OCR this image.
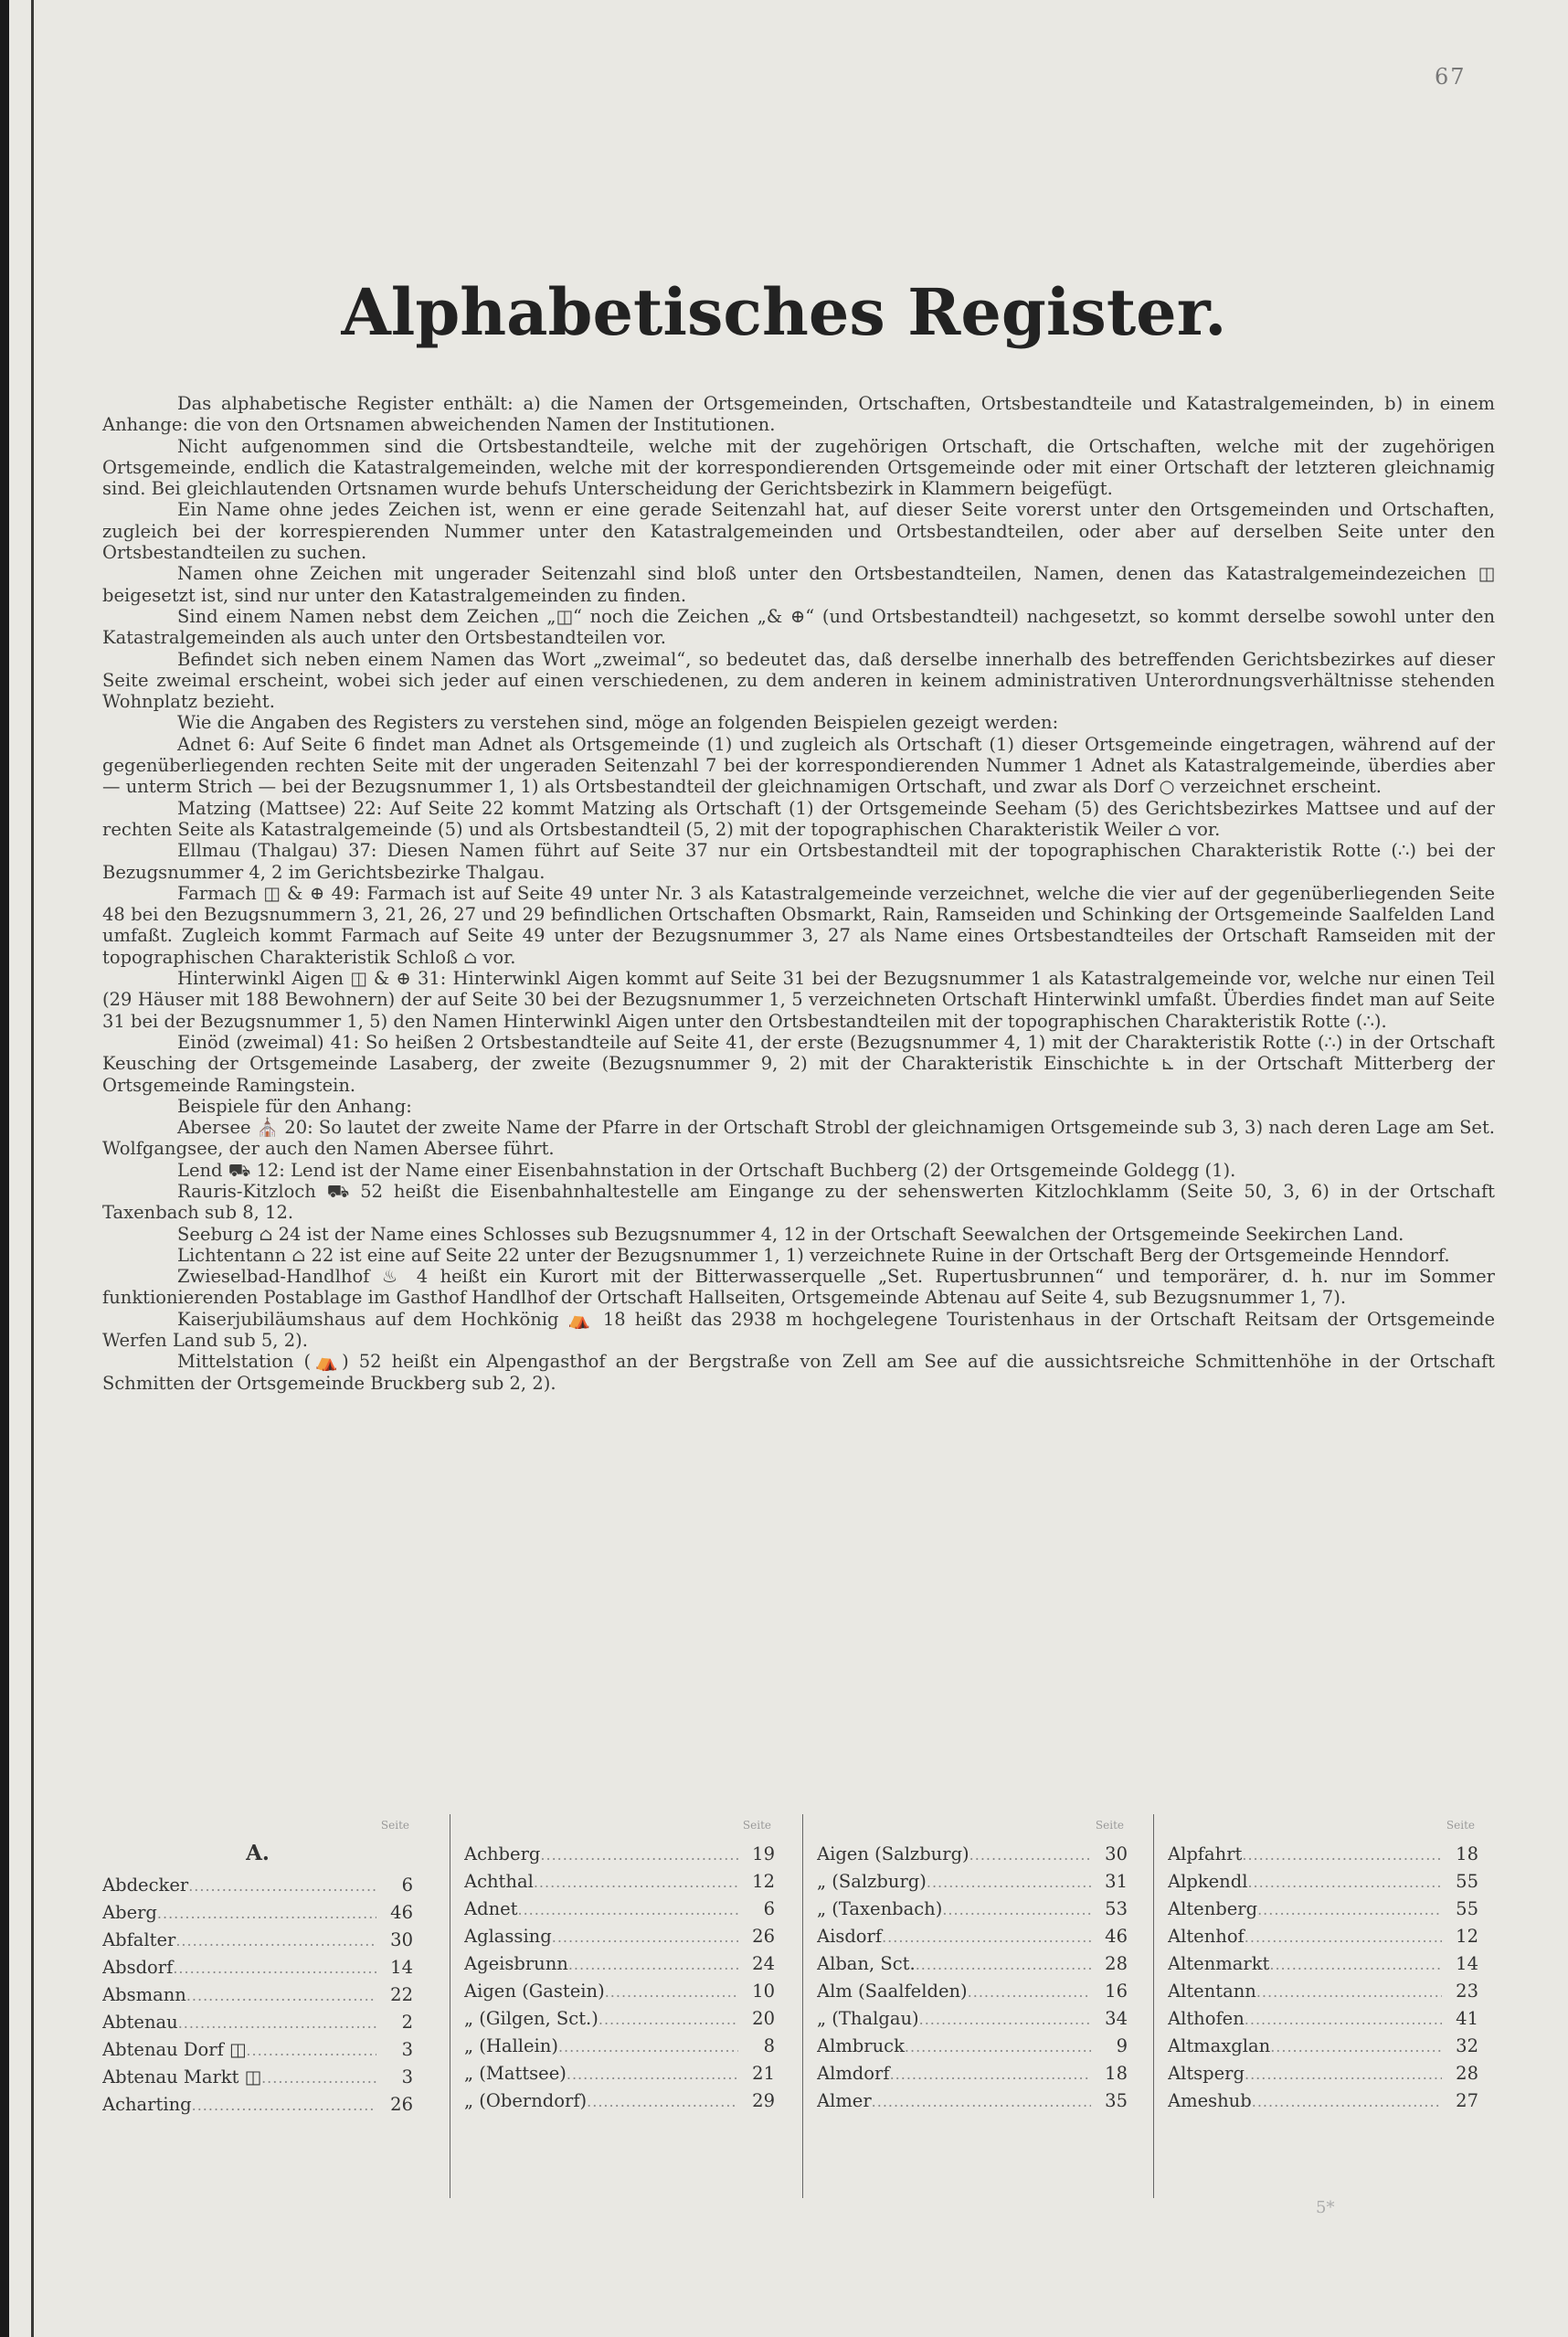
67
Alphabetisches Register.

Das alphabetische Register enthält: a) die Namen der Ortsgemeinden, Ortschaften, Ortsbestandteile und Katastralgemeinden, b) in einem Anhange: die von den Ortsnamen abweichenden Namen der Institutionen.

Nicht aufgenommen sind die Ortsbestandteile, welche mit der zugehörigen Ortschaft, die Ortschaften, welche mit der zugehörigen Ortsgemeinde, endlich die Katastralgemeinden, welche mit der korrespondierenden Ortsgemeinde oder mit einer Ortschaft der letzteren gleichnamig sind. Bei gleichlautenden Ortsnamen wurde behufs Unterscheidung der Gerichtsbezirk in Klammern beigefügt.

Ein Name ohne jedes Zeichen ist, wenn er eine gerade Seitenzahl hat, auf dieser Seite vorerst unter den Ortsgemeinden und Ortschaften, zugleich bei der korrespierenden Nummer unter den Katastralgemeinden und Ortsbestandteilen, oder aber auf derselben Seite unter den Ortsbestandteilen zu suchen.

Namen ohne Zeichen mit ungerader Seitenzahl sind bloß unter den Ortsbestandteilen, Namen, denen das Katastralgemeindezeichen ◫ beigesetzt ist, sind nur unter den Katastralgemeinden zu finden.

Sind einem Namen nebst dem Zeichen „◫“ noch die Zeichen „& ⊕“ (und Ortsbestandteil) nachgesetzt, so kommt derselbe sowohl unter den Katastralgemeinden als auch unter den Ortsbestandteilen vor.

Befindet sich neben einem Namen das Wort „zweimal“, so bedeutet das, daß derselbe innerhalb des betreffenden Gerichtsbezirkes auf dieser Seite zweimal erscheint, wobei sich jeder auf einen verschiedenen, zu dem anderen in keinem administrativen Unterordnungsverhältnisse stehenden Wohnplatz bezieht.

Wie die Angaben des Registers zu verstehen sind, möge an folgenden Beispielen gezeigt werden:

Adnet 6: Auf Seite 6 findet man Adnet als Ortsgemeinde (1) und zugleich als Ortschaft (1) dieser Ortsgemeinde eingetragen, während auf der gegenüberliegenden rechten Seite mit der ungeraden Seitenzahl 7 bei der korrespondierenden Nummer 1 Adnet als Katastralgemeinde, überdies aber — unterm Strich — bei der Bezugsnummer 1, 1) als Ortsbestandteil der gleichnamigen Ortschaft, und zwar als Dorf ○ verzeichnet erscheint.

Matzing (Mattsee) 22: Auf Seite 22 kommt Matzing als Ortschaft (1) der Ortsgemeinde Seeham (5) des Gerichtsbezirkes Mattsee und auf der rechten Seite als Katastralgemeinde (5) und als Ortsbestandteil (5, 2) mit der topographischen Charakteristik Weiler ⌂ vor.

Ellmau (Thalgau) 37: Diesen Namen führt auf Seite 37 nur ein Ortsbestandteil mit der topographischen Charakteristik Rotte (∴) bei der Bezugsnummer 4, 2 im Gerichtsbezirke Thalgau.

Farmach ◫ & ⊕ 49: Farmach ist auf Seite 49 unter Nr. 3 als Katastralgemeinde verzeichnet, welche die vier auf der gegenüberliegenden Seite 48 bei den Bezugsnummern 3, 21, 26, 27 und 29 befindlichen Ortschaften Obsmarkt, Rain, Ramseiden und Schinking der Ortsgemeinde Saalfelden Land umfaßt. Zugleich kommt Farmach auf Seite 49 unter der Bezugsnummer 3, 27 als Name eines Ortsbestandteiles der Ortschaft Ramseiden mit der topographischen Charakteristik Schloß ⌂ vor.

Hinterwinkl Aigen ◫ & ⊕ 31: Hinterwinkl Aigen kommt auf Seite 31 bei der Bezugsnummer 1 als Katastralgemeinde vor, welche nur einen Teil (29 Häuser mit 188 Bewohnern) der auf Seite 30 bei der Bezugsnummer 1, 5 verzeichneten Ortschaft Hinterwinkl umfaßt. Überdies findet man auf Seite 31 bei der Bezugsnummer 1, 5) den Namen Hinterwinkl Aigen unter den Ortsbestandteilen mit der topographischen Charakteristik Rotte (∴).

Einöd (zweimal) 41: So heißen 2 Ortsbestandteile auf Seite 41, der erste (Bezugsnummer 4, 1) mit der Charakteristik Rotte (∴) in der Ortschaft Keusching der Ortsgemeinde Lasaberg, der zweite (Bezugsnummer 9, 2) mit der Charakteristik Einschichte ⊾ in der Ortschaft Mitterberg der Ortsgemeinde Ramingstein.

Beispiele für den Anhang:

Abersee ⛪ 20: So lautet der zweite Name der Pfarre in der Ortschaft Strobl der gleichnamigen Ortsgemeinde sub 3, 3) nach deren Lage am Set. Wolfgangsee, der auch den Namen Abersee führt.

Lend ⛟ 12: Lend ist der Name einer Eisenbahnstation in der Ortschaft Buchberg (2) der Ortsgemeinde Goldegg (1).

Rauris-Kitzloch ⛟ 52 heißt die Eisenbahnhaltestelle am Eingange zu der sehenswerten Kitzlochklamm (Seite 50, 3, 6) in der Ortschaft Taxenbach sub 8, 12.

Seeburg ⌂ 24 ist der Name eines Schlosses sub Bezugsnummer 4, 12 in der Ortschaft Seewalchen der Ortsgemeinde Seekirchen Land.

Lichtentann ⌂ 22 ist eine auf Seite 22 unter der Bezugsnummer 1, 1) verzeichnete Ruine in der Ortschaft Berg der Ortsgemeinde Henndorf.

Zwieselbad-Handlhof ♨ 4 heißt ein Kurort mit der Bitterwasserquelle „Set. Rupertusbrunnen“ und temporärer, d. h. nur im Sommer funktionierenden Postablage im Gasthof Handlhof der Ortschaft Hallseiten, Ortsgemeinde Abtenau auf Seite 4, sub Bezugsnummer 1, 7).

Kaiserjubiläumshaus auf dem Hochkönig ⛺ 18 heißt das 2938 m hochgelegene Touristenhaus in der Ortschaft Reitsam der Ortsgemeinde Werfen Land sub 5, 2).

Mittelstation (⛺) 52 heißt ein Alpengasthof an der Bergstraße von Zell am See auf die aussichtsreiche Schmittenhöhe in der Ortschaft Schmitten der Ortsgemeinde Bruckberg sub 2, 2).

Seite
A.
Abdecker .....	6
Aberg .....	46
Abfalter .....	30
Absdorf .....	14
Absmann .....	22
Abtenau .....	2
Abtenau Dorf ◫ .....	3
Abtenau Markt ◫ .....	3
Acharting .....	26
Seite
Achberg .....	19
Achthal .....	12
Adnet .....	6
Aglassing .....	26
Ageisbrunn .....	24
Aigen (Gastein) .....	10
„ (Gilgen, Sct.) .....	20
„ (Hallein) .....	8
„ (Mattsee) .....	21
„ (Oberndorf) .....	29
Seite
Aigen (Salzburg) .....	30
„ (Salzburg) .....	31
„ (Taxenbach) .....	53
Aisdorf .....	46
Alban, Sct. .....	28
Alm (Saalfelden) .....	16
„ (Thalgau) .....	34
Almbruck .....	9
Almdorf .....	18
Almer .....	35
Seite
Alpfahrt .....	18
Alpkendl .....	55
Altenberg .....	55
Altenhof .....	12
Altenmarkt .....	14
Altentann .....	23
Althofen .....	41
Altmaxglan .....	32
Altsperg .....	28
Ameshub .....	27
5*
